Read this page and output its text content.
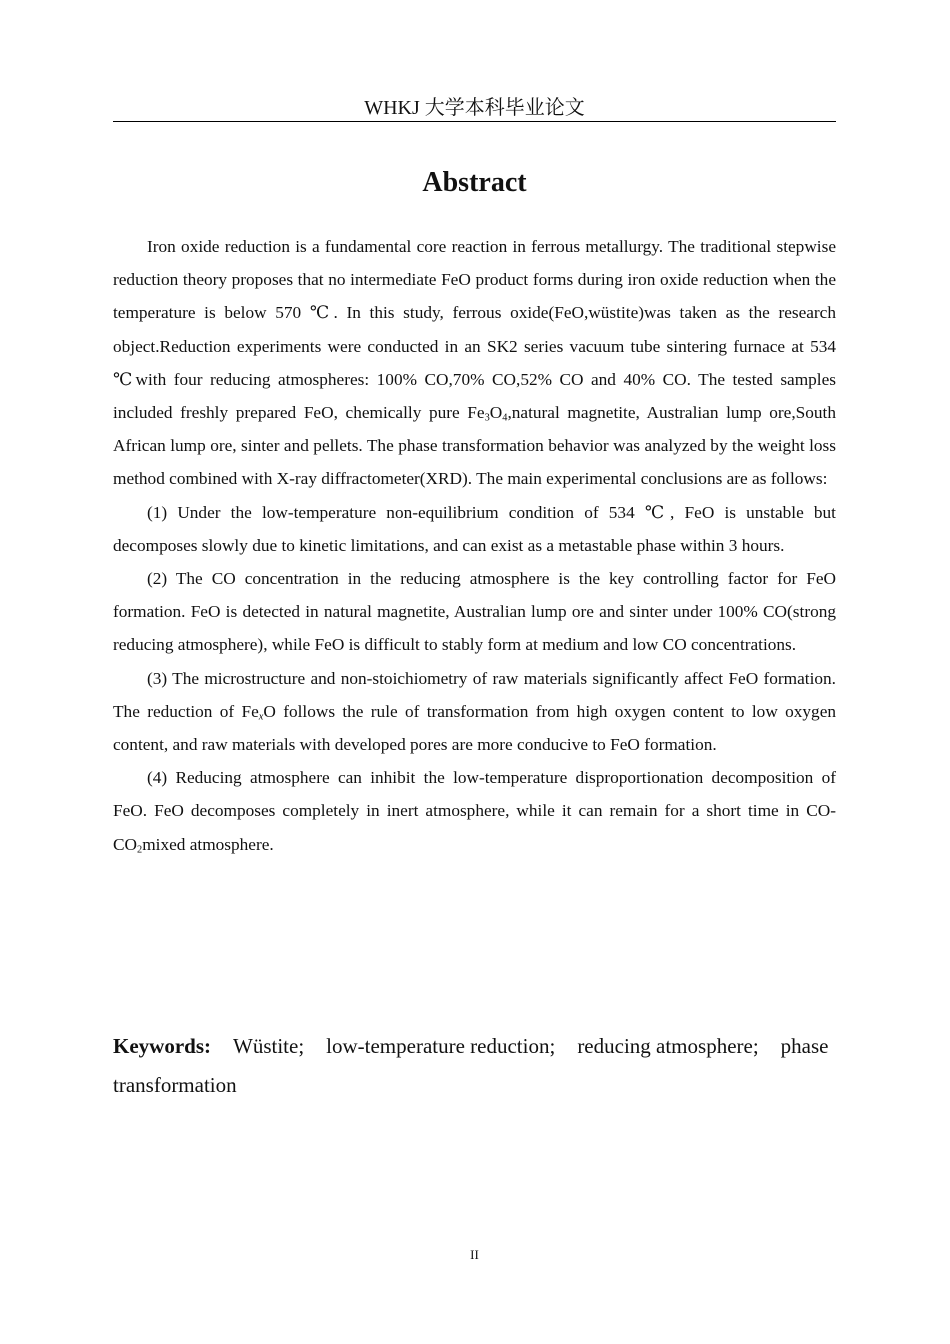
WHKJ 大学本科毕业论文
Abstract

Iron oxide reduction is a fundamental core reaction in ferrous metallurgy. The traditional stepwise reduction theory proposes that no intermediate FeO product forms during iron oxide reduction when the temperature is below 570 ℃. In this study, ferrous oxide(FeO,wüstite)was taken as the research object.Reduction experiments were conducted in an SK2 series vacuum tube sintering furnace at 534 ℃with four reducing atmospheres: 100% CO,70% CO,52% CO and 40% CO. The tested samples included freshly prepared FeO, chemically pure $Fe_3O_4,natural$ magnetite, Australian lump ore,South African lump ore, sinter and pellets. The phase transformation behavior was analyzed by the weight loss method combined with X-ray diffractometer(XRD). The main experimental conclusions are as follows:

(1) Under the low-temperature non-equilibrium condition of 534 ℃, FeO is unstable but decomposes slowly due to kinetic limitations, and can exist as a metastable phase within 3 hours.

(2) The CO concentration in the reducing atmosphere is the key controlling factor for FeO formation. FeO is detected in natural magnetite, Australian lump ore and sinter under 100% CO(strong reducing atmosphere), while FeO is difficult to stably form at medium and low CO concentrations.

(3) The microstructure and non-stoichiometry of raw materials significantly affect FeO formation. The reduction of $Fe_xO$ follows the rule of transformation from high oxygen content to low oxygen content, and raw materials with developed pores are more conducive to FeO formation.

(4) Reducing atmosphere can inhibit the low-temperature disproportionation decomposition of FeO. FeO decomposes completely in inert atmosphere, while it can remain for a short time in $CO-CO_2mixed$ atmosphere.

Keywords: Wüstite; low-temperature reduction; reducing atmosphere; phase transformation

II
